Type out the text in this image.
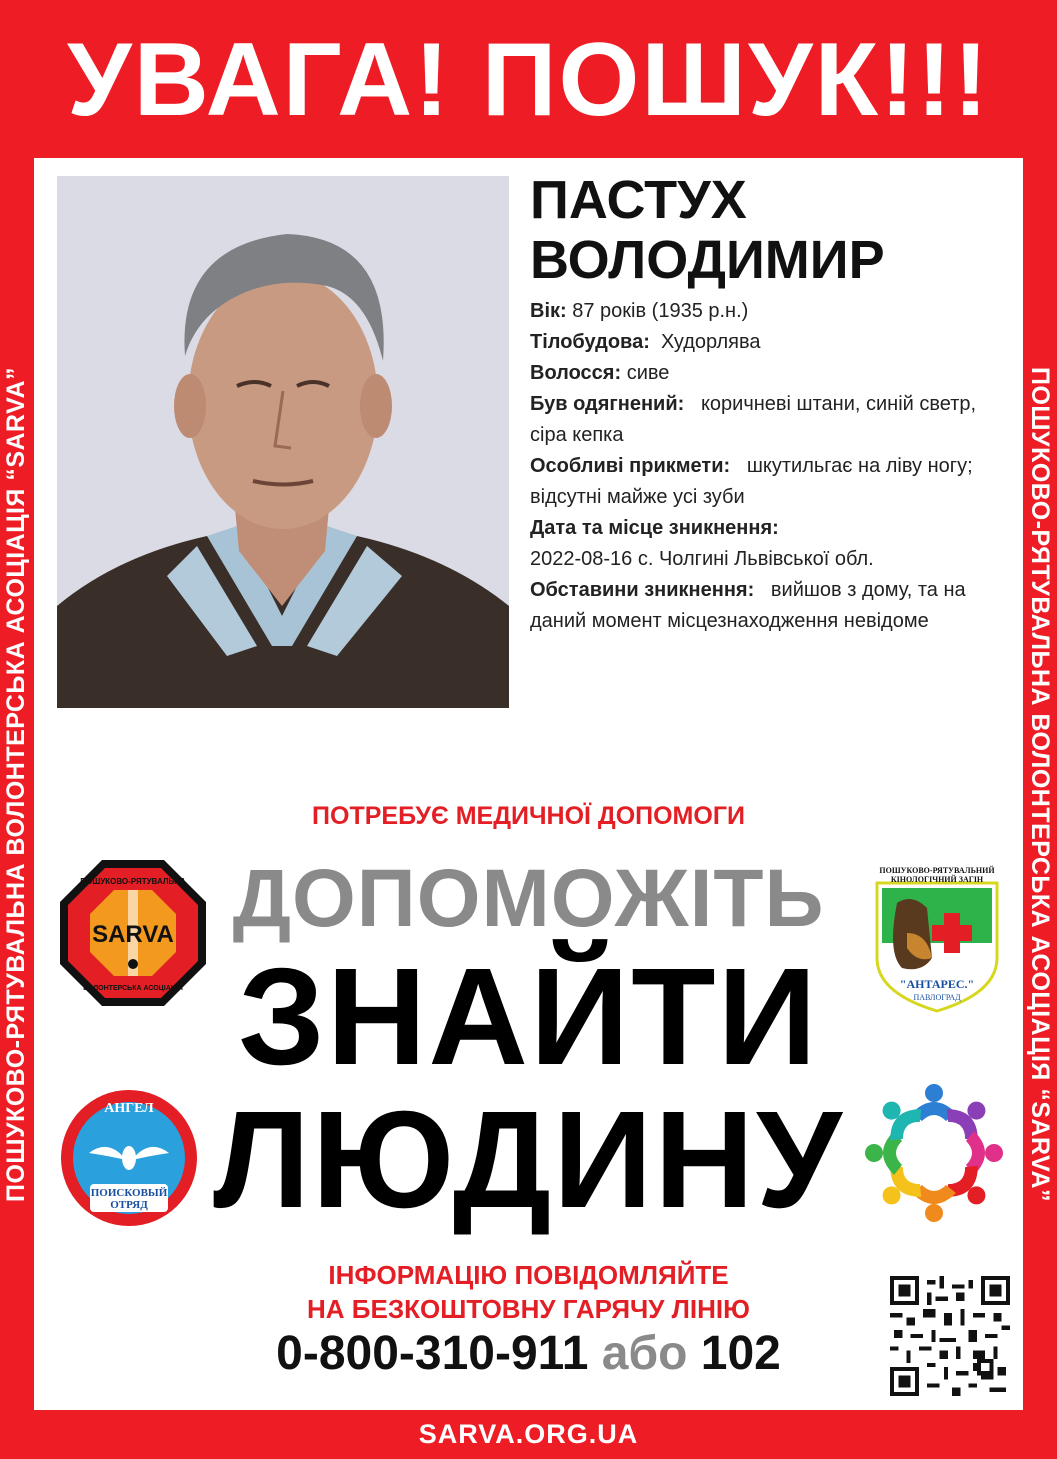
УВАГА! ПОШУК!!!
ПОШУКОВО-РЯТУВАЛЬНА ВОЛОНТЕРСЬКА АСОЦІАЦІЯ “SARVA”	ПОШУКОВО-РЯТУВАЛЬНА ВОЛОНТЕРСЬКА АСОЦІАЦІЯ “SARVA”
ПАСТУХ
ВОЛОДИМИР

Вік: 87 років (1935 р.н.)

Тілобудова: Худорлява

Волосся: сиве

Був одягнений: коричневі штани, синій светр, сіра кепка

Особливі прикмети: шкутильгає на ліву ногу; відсутні майже усі зуби

Дата та місце зникнення:
2022-08-16 с. Чолгині Львівської обл.

Обставини зникнення: вийшов з дому, та на даний момент місцезнаходження невідоме

ПОТРЕБУЄ МЕДИЧНОЇ ДОПОМОГИ
ДОПОМОЖІТЬ
ЗНАЙТИ
ЛЮДИНУ
SARVA
ПОШУКОВО-РЯТУВАЛЬНА
ВОЛОНТЕРСЬКА АСОЦІАЦІЯ
ПОШУКОВО-РЯТУВАЛЬНИЙ
КІНОЛОГІЧНИЙ ЗАГІН
"АНТАРЕС."
ПАВЛОГРАД
АНГЕЛ
ПОИСКОВЫЙ
ОТРЯД
ІНФОРМАЦІЮ ПОВІДОМЛЯЙТЕ
НА БЕЗКОШТОВНУ ГАРЯЧУ ЛІНІЮ
0-800-310-911 або 102
SARVA.ORG.UA
